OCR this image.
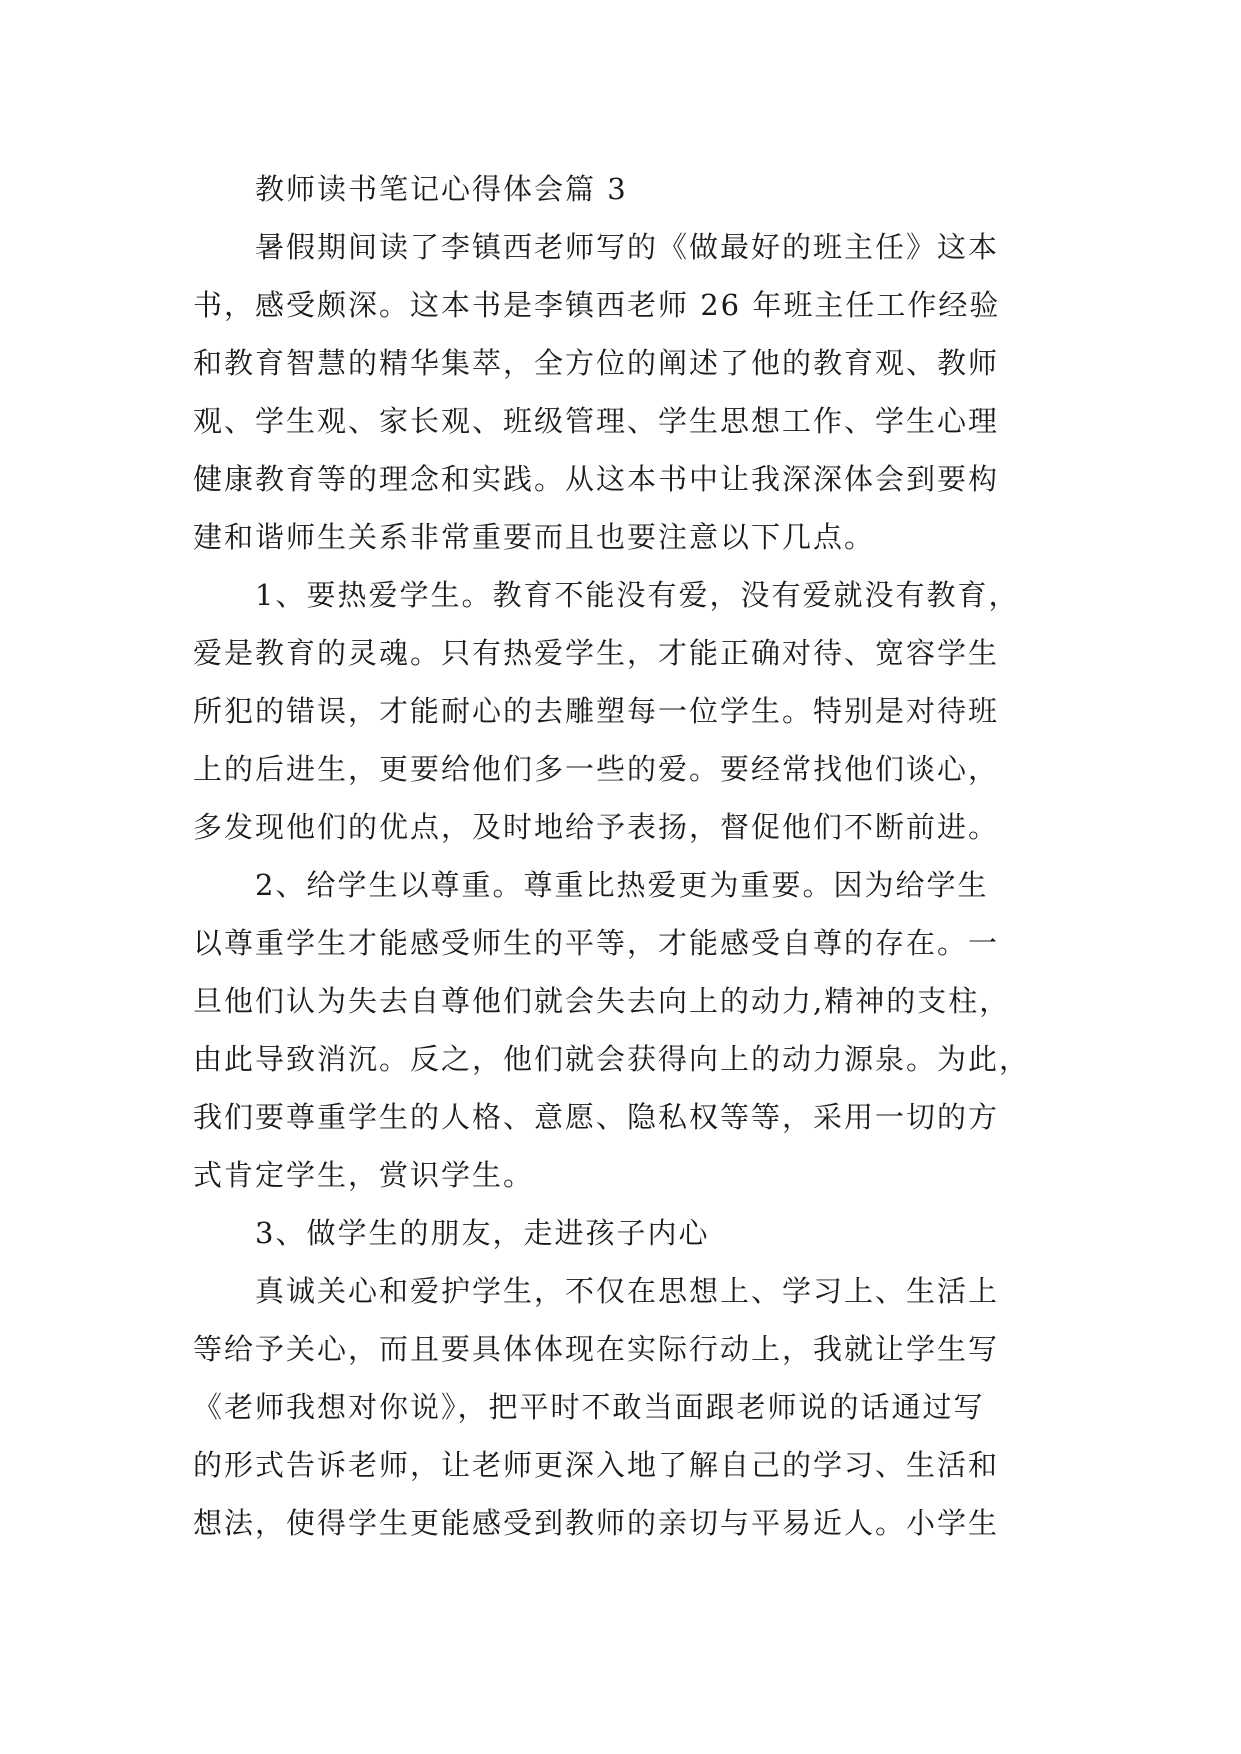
教师读书笔记心得体会篇 3
暑假期间读了李镇西老师写的《做最好的班主任》这本
书，感受颇深。这本书是李镇西老师 26 年班主任工作经验
和教育智慧的精华集萃，全方位的阐述了他的教育观、教师
观、学生观、家长观、班级管理、学生思想工作、学生心理
健康教育等的理念和实践。从这本书中让我深深体会到要构
建和谐师生关系非常重要而且也要注意以下几点。
1、要热爱学生。教育不能没有爱，没有爱就没有教育，
爱是教育的灵魂。只有热爱学生，才能正确对待、宽容学生
所犯的错误，才能耐心的去雕塑每一位学生。特别是对待班
上的后进生，更要给他们多一些的爱。要经常找他们谈心，
多发现他们的优点，及时地给予表扬，督促他们不断前进。
2、给学生以尊重。尊重比热爱更为重要。因为给学生
以尊重学生才能感受师生的平等，才能感受自尊的存在。一
旦他们认为失去自尊他们就会失去向上的动力,精神的支柱，
由此导致消沉。反之，他们就会获得向上的动力源泉。为此，
我们要尊重学生的人格、意愿、隐私权等等，采用一切的方
式肯定学生，赏识学生。
3、做学生的朋友，走进孩子内心
真诚关心和爱护学生，不仅在思想上、学习上、生活上
等给予关心，而且要具体体现在实际行动上，我就让学生写
《老师我想对你说》，把平时不敢当面跟老师说的话通过写
的形式告诉老师，让老师更深入地了解自己的学习、生活和
想法，使得学生更能感受到教师的亲切与平易近人。小学生
